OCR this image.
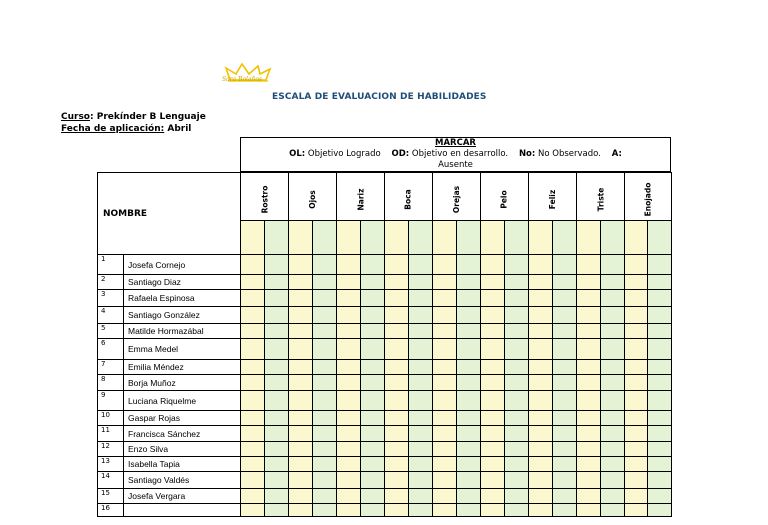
Sara Bolaños
ESCALA DE EVALUACION DE HABILIDADES
Curso: Prekínder B Lenguaje
Fecha de aplicación: Abril
MARCAR
OL: Objetivo Logrado OD: Objetivo en desarrollo. No: No Observado. A:
Ausente
NOMBRE		Rostro		Ojos		Nariz		Boca		Orejas		Pelo		Feliz		Triste		Enojado	

1	Josefa Cornejo																		
2	Santiago Diaz																		
3	Rafaela Espinosa																		
4	Santiago González																		
5	Matilde Hormazábal																		
6	Emma Medel																		
7	Emilia Méndez																		
8	Borja Muñoz																		
9	Luciana Riquelme																		
10	Gaspar Rojas																		
11	Francisca Sánchez																		
12	Enzo Silva																		
13	Isabella Tapia																		
14	Santiago Valdés																		
15	Josefa Vergara																		
16																			
